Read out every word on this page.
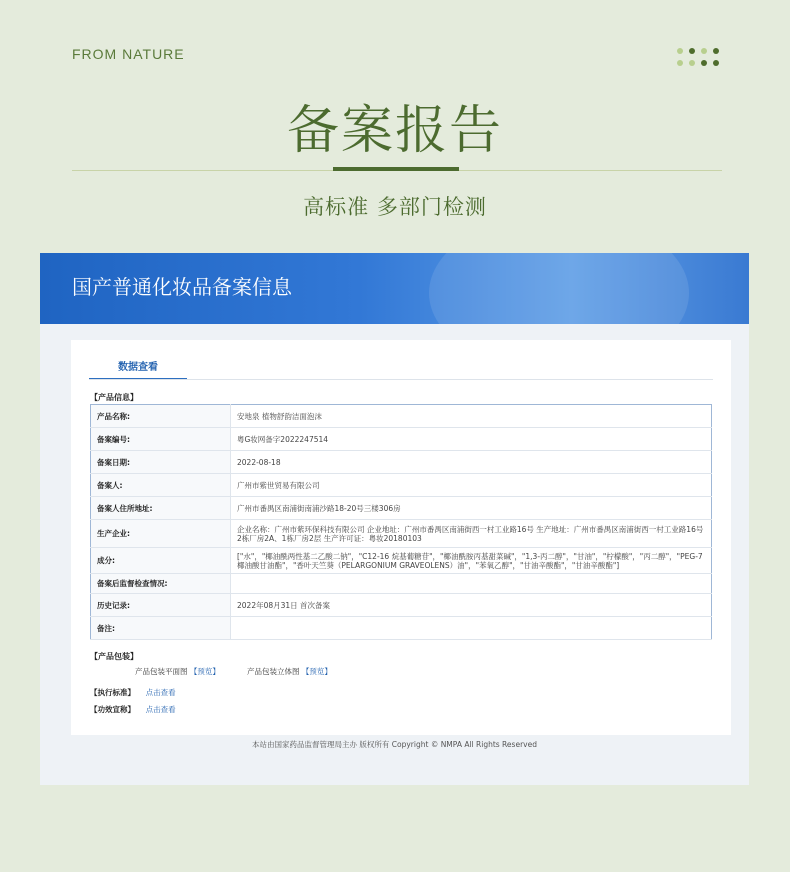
FROM NATURE
备案报告
高标准 多部门检测
国产普通化妆品备案信息
数据查看
【产品信息】
产品名称:	安地泉 植物舒韵洁面泡沫
备案编号:	粤G妆网备字2022247514
备案日期:	2022-08-18
备案人:	广州市紫世贸易有限公司
备案人住所地址:	广州市番禺区南浦街南浦沙路18-20号三楼306房
生产企业:	企业名称：广州市紫环保科技有限公司 企业地址：广州市番禺区南浦街西一村工业路16号 生产地址：广州市番禺区南浦街西一村工业路16号 2栋厂房2A、1栋厂房2层 生产许可证：粤妆20180103
成分:	["水"，"椰油酰两性基二乙酸二钠"，"C12-16 烷基葡糖苷"，"椰油酰胺丙基甜菜碱"，"1,3-丙二醇"，"甘油"，"柠檬酸"，"丙二醇"，"PEG-7 椰油酸甘油酯"，"香叶天竺葵（PELARGONIUM GRAVEOLENS）油"，"苯氧乙醇"，"甘油辛酸酯"，"甘油辛酸酯"]
备案后监督检查情况:	
历史记录:	2022年08月31日 首次备案
备注:	
【产品包装】
产品包装平面图 【预览】	产品包装立体图 【预览】
【执行标准】 点击查看
【功效宣称】 点击查看
本站由国家药品监督管理局主办 版权所有 Copyright © NMPA All Rights Reserved
